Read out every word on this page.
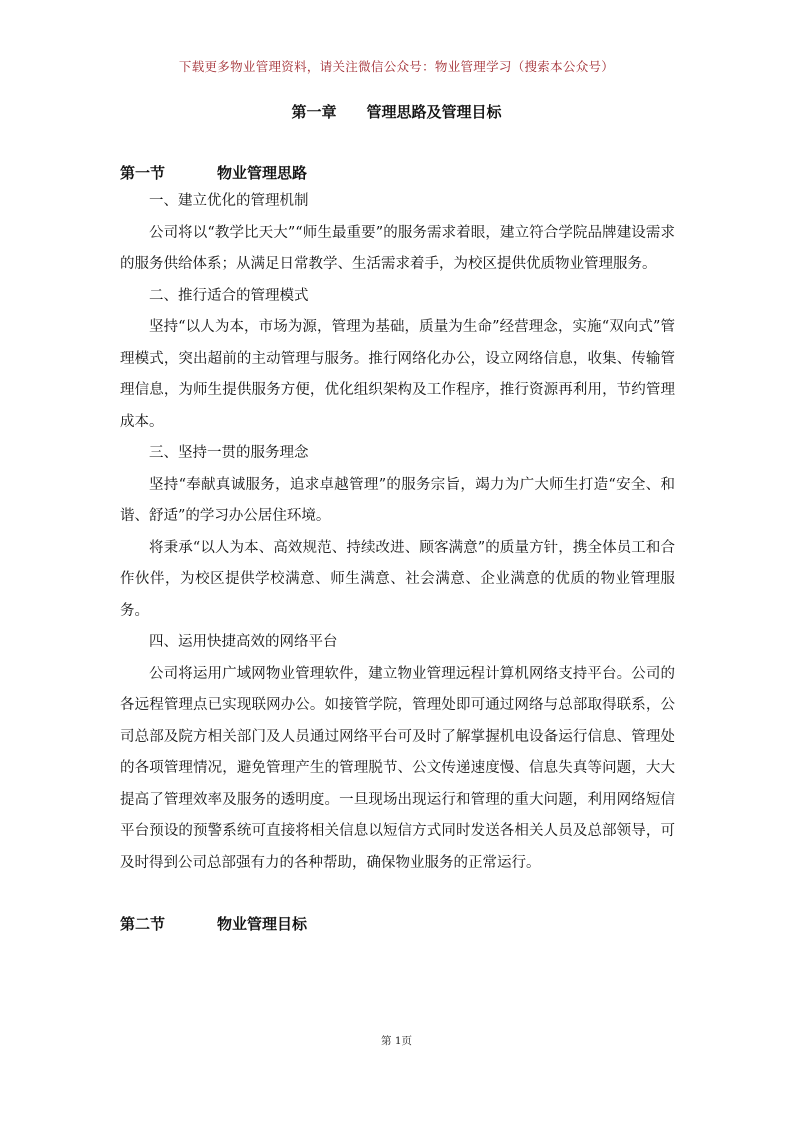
下载更多物业管理资料，请关注微信公众号：物业管理学习（搜索本公众号）
第一章 管理思路及管理目标
第一节	物业管理思路
一、建立优化的管理机制

公司将以“教学比天大”“师生最重要”的服务需求着眼，建立符合学院品牌建设需求的服务供给体系；从满足日常教学、生活需求着手，为校区提供优质物业管理服务。

二、推行适合的管理模式

坚持“以人为本，市场为源，管理为基础，质量为生命”经营理念，实施“双向式”管理模式，突出超前的主动管理与服务。推行网络化办公，设立网络信息，收集、传输管理信息，为师生提供服务方便，优化组织架构及工作程序，推行资源再利用，节约管理成本。

三、坚持一贯的服务理念

坚持“奉献真诚服务，追求卓越管理”的服务宗旨，竭力为广大师生打造“安全、和谐、舒适”的学习办公居住环境。

将秉承“以人为本、高效规范、持续改进、顾客满意”的质量方针，携全体员工和合作伙伴，为校区提供学校满意、师生满意、社会满意、企业满意的优质的物业管理服务。

四、运用快捷高效的网络平台

公司将运用广域网物业管理软件，建立物业管理远程计算机网络支持平台。公司的各远程管理点已实现联网办公。如接管学院，管理处即可通过网络与总部取得联系，公司总部及院方相关部门及人员通过网络平台可及时了解掌握机电设备运行信息、管理处的各项管理情况，避免管理产生的管理脱节、公文传递速度慢、信息失真等问题，大大提高了管理效率及服务的透明度。一旦现场出现运行和管理的重大问题，利用网络短信平台预设的预警系统可直接将相关信息以短信方式同时发送各相关人员及总部领导，可及时得到公司总部强有力的各种帮助，确保物业服务的正常运行。

第二节	物业管理目标
第 1页
